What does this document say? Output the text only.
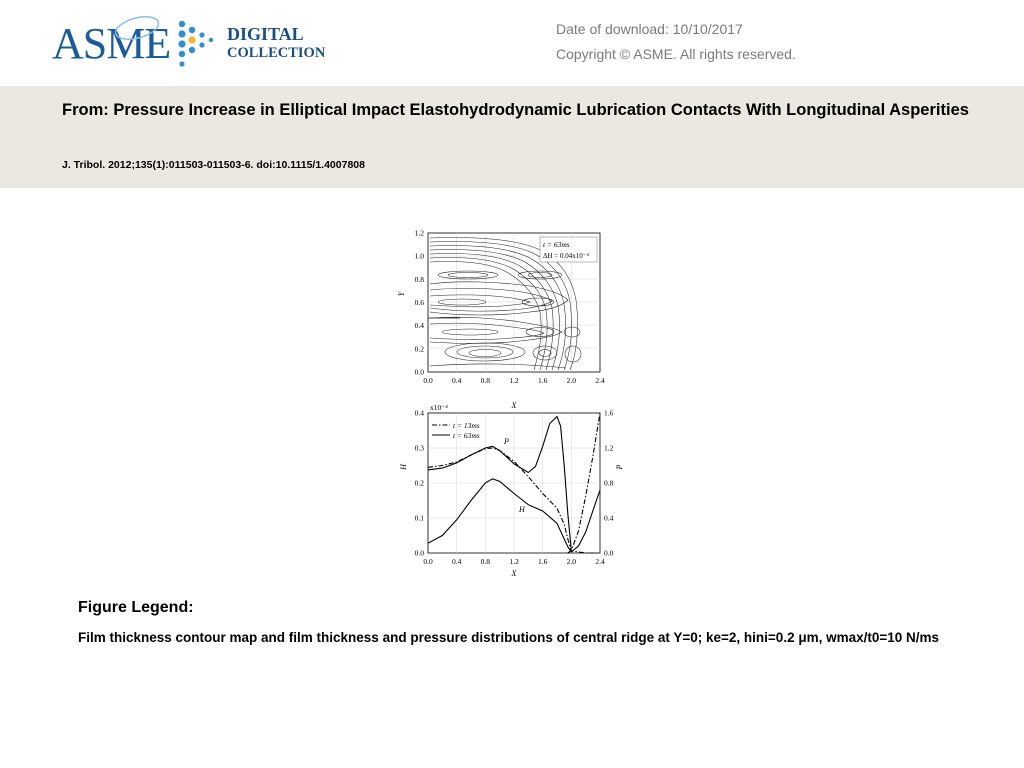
ASME	DIGITAL
COLLECTION
Date of download: 10/10/2017
Copyright © ASME. All rights reserved.
From: Pressure Increase in Elliptical Impact Elastohydrodynamic Lubrication Contacts With Longitudinal Asperities
J. Tribol. 2012;135(1):011503-011503-6. doi:10.1115/1.4007808
t = 63ms
ΔH = 0.04x10⁻⁴
0.0
0.2
0.4
0.6
0.8
1.0
1.2
0.0	0.4	0.8	1.2	1.6	2.0	2.4
Y
X
t = 13ms
t = 63ms
P
H
x10⁻⁴
0.0
0.1
0.2
0.3
0.4
0.0
0.4
0.8
1.2
1.6
0.0	0.4	0.8	1.2	1.6	2.0	2.4
H	P
X
Figure Legend:
Film thickness contour map and film thickness and pressure distributions of central ridge at Y=0; ke=2, hini=0.2 μm, wmax/t0=10 N/ms
